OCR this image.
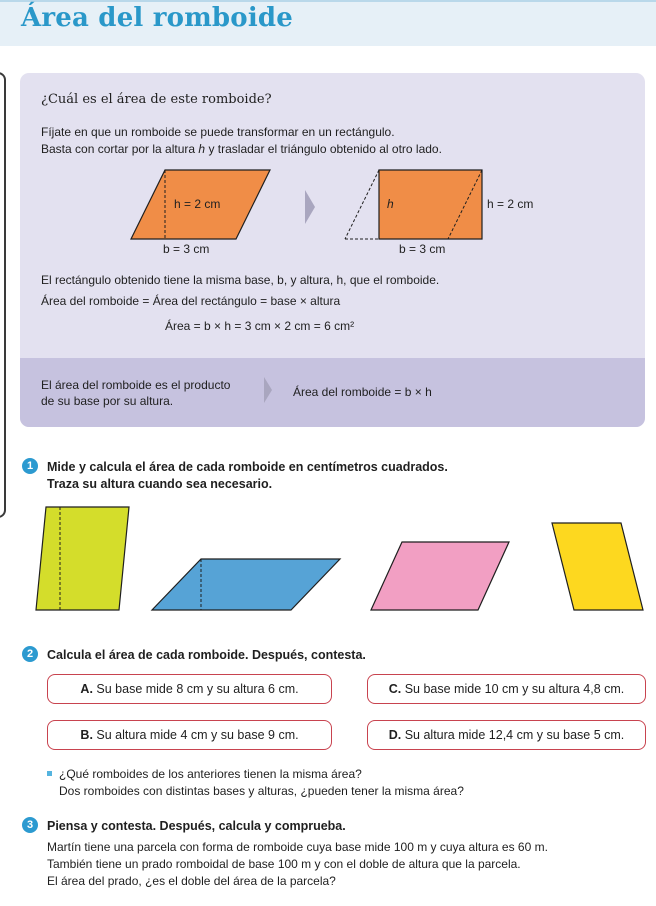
Área del romboide
¿Cuál es el área de este romboide?
Fíjate en que un romboide se puede transformar en un rectángulo.
Basta con cortar por la altura h y trasladar el triángulo obtenido al otro lado.
h = 2 cm
b = 3 cm
h	h = 2 cm
b = 3 cm
El rectángulo obtenido tiene la misma base, b, y altura, h, que el romboide.
Área del romboide = Área del rectángulo = base × altura
Área = b × h = 3 cm × 2 cm = 6 cm²
El área del romboide es el producto
de su base por su altura.
Área del romboide = b × h
1	Mide y calcula el área de cada romboide en centímetros cuadrados.
Traza su altura cuando sea necesario.
2	Calcula el área de cada romboide. Después, contesta.
A. Su base mide 8 cm y su altura 6 cm.	C. Su base mide 10 cm y su altura 4,8 cm.
B. Su altura mide 4 cm y su base 9 cm.	D. Su altura mide 12,4 cm y su base 5 cm.
¿Qué romboides de los anteriores tienen la misma área?
Dos romboides con distintas bases y alturas, ¿pueden tener la misma área?
3	Piensa y contesta. Después, calcula y comprueba.
Martín tiene una parcela con forma de romboide cuya base mide 100 m y cuya altura es 60 m.
También tiene un prado romboidal de base 100 m y con el doble de altura que la parcela.
El área del prado, ¿es el doble del área de la parcela?
